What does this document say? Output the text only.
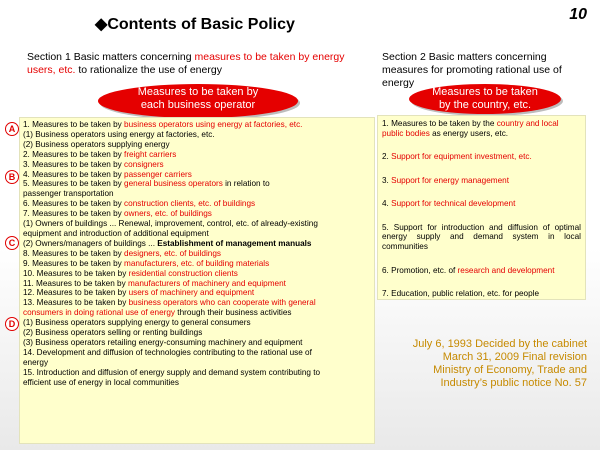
◆Contents of Basic Policy
10
Section 1 Basic matters concerning measures to be taken by energy users, etc. to rationalize the use of energy
Section 2 Basic matters concerning measures for promoting rational use of energy
Measures to be taken by
each business operator
Measures to be taken
by the country, etc.
1. Measures to be taken by business operators using energy at factories, etc.
(1) Business operators using energy at factories, etc.
(2) Business operators supplying energy
2. Measures to be taken by freight carriers
3. Measures to be taken by consigners
4. Measures to be taken by passenger carriers
5. Measures to be taken by general business operators in relation to
passenger transportation
6. Measures to be taken by construction clients, etc. of buildings
7. Measures to be taken by owners, etc. of buildings
(1) Owners of buildings ... Renewal, improvement, control, etc. of already-existing
equipment and introduction of additional equipment
(2) Owners/managers of buildings ... Establishment of management manuals
8. Measures to be taken by designers, etc. of buildings
9. Measures to be taken by manufacturers, etc. of building materials
10. Measures to be taken by residential construction clients
11. Measures to be taken by manufacturers of machinery and equipment
12. Measures to be taken by users of machinery and equipment
13. Measures to be taken by business operators who can cooperate with general
consumers in doing rational use of energy through their business activities
(1) Business operators supplying energy to general consumers
(2) Business operators selling or renting buildings
(3) Business operators retailing energy-consuming machinery and equipment
14. Development and diffusion of technologies contributing to the rational use of
energy
15. Introduction and diffusion of energy supply and demand system contributing to
efficient use of energy in local communities
1. Measures to be taken by the country and local public bodies as energy users, etc.
2. Support for equipment investment, etc.
3. Support for energy management
4. Support for technical development
5. Support for introduction and diffusion of optimal energy supply and demand system in local communities
6. Promotion, etc. of research and development
7. Education, public relation, etc. for people
A
B
C
D
July 6, 1993 Decided by the cabinet
March 31, 2009 Final revision
Ministry of Economy, Trade and
Industry’s public notice No. 57
